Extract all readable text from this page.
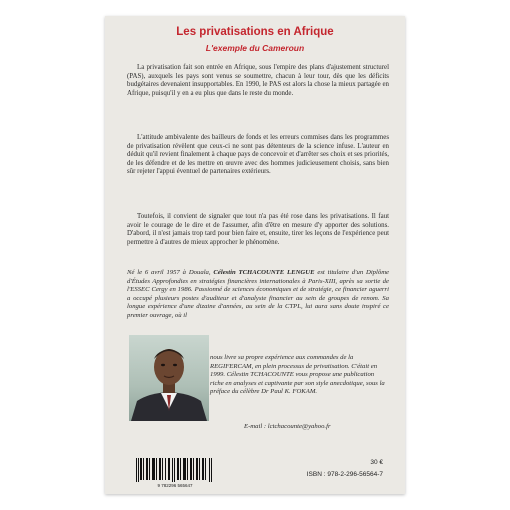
Les privatisations en Afrique
L'exemple du Cameroun

La privatisation fait son entrée en Afrique, sous l'empire des plans d'ajustement structurel (PAS), auxquels les pays sont venus se soumettre, chacun à leur tour, dès que les déficits budgétaires devenaient insupportables. En 1990, le PAS est alors la chose la mieux partagée en Afrique, puisqu'il y en a eu plus que dans le reste du monde.

L'attitude ambivalente des bailleurs de fonds et les erreurs commises dans les programmes de privatisation révèlent que ceux-ci ne sont pas détenteurs de la science infuse. L'auteur en déduit qu'il revient finalement à chaque pays de concevoir et d'arrêter ses choix et ses priorités, de les défendre et de les mettre en œuvre avec des hommes judicieusement choisis, sans bien sûr rejeter l'appui éventuel de partenaires extérieurs.

Toutefois, il convient de signaler que tout n'a pas été rose dans les privatisations. Il faut avoir le courage de le dire et de l'assumer, afin d'être en mesure d'y apporter des solutions. D'abord, il n'est jamais trop tard pour bien faire et, ensuite, tirer les leçons de l'expérience peut permettre à d'autres de mieux approcher le phénomène.

Né le 6 avril 1957 à Douala, Célestin TCHACOUNTE LENGUE est titulaire d'un Diplôme d'Études Approfondies en stratégies financières internationales à Paris-XIII, après sa sortie de l'ESSEC Cergy en 1986. Passionné de sciences économiques et de stratégie, ce financier aguerri a occupé plusieurs postes d'auditeur et d'analyste financier au sein de groupes de renom. Sa longue expérience d'une dizaine d'années, au sein de la CTPL, lui aura sans doute inspiré ce premier ouvrage, où il
nous livre sa propre expérience aux commandes de la REGIFERCAM, en plein processus de privatisation. C'était en 1999. Célestin TCHACOUNTE vous propose une publication riche en analyses et captivante par son style anecdotique, sous la préface du célèbre Dr Paul K. FOKAM.
E-mail : lctchacounte@yahoo.fr
9 782296 565647
30 €
ISBN : 978-2-296-56564-7
